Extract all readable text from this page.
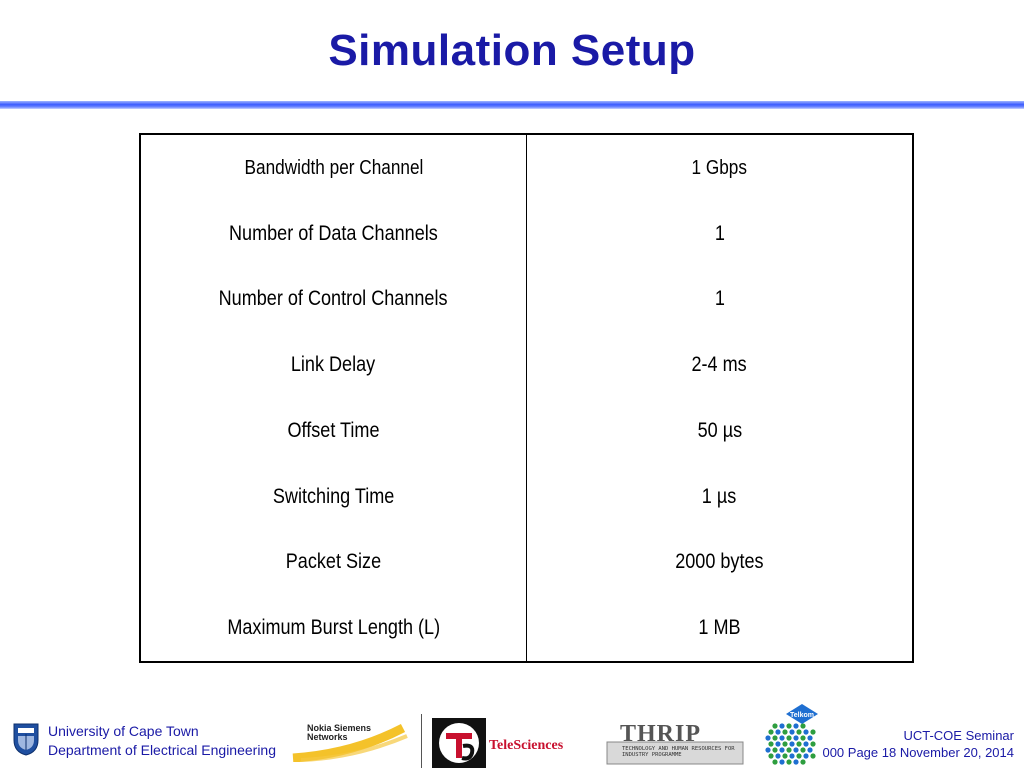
Simulation Setup
Bandwidth per Channel	1 Gbps
Number of Data Channels	1
Number of Control Channels	1
Link Delay	2-4 ms
Offset Time	50 µs
Switching Time	1 µs
Packet Size	2000 bytes
Maximum Burst Length (L)	1 MB
University of Cape Town
Department of Electrical Engineering
Nokia Siemens Networks
TeleSciences THRIP
TECHNOLOGY AND HUMAN RESOURCES FOR INDUSTRY PROGRAMME
Telkom
UCT-COE Seminar
000 Page 18 November 20, 2014
